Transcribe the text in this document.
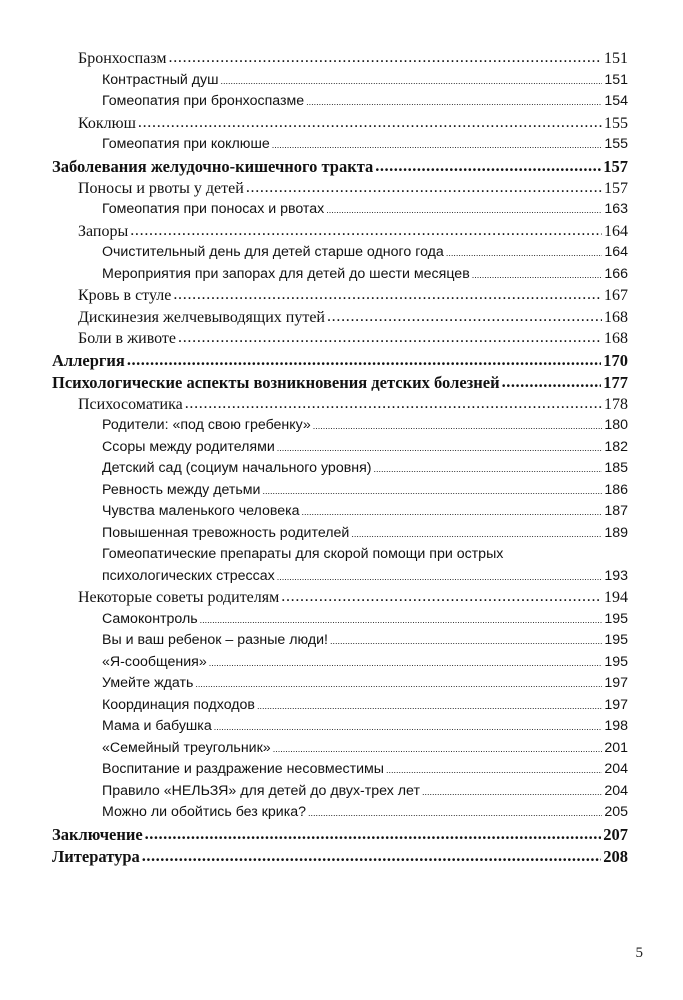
Бронхоспазм .....	151
Контрастный душ .....	151
Гомеопатия при бронхоспазме .....	154
Коклюш .....	155
Гомеопатия при коклюше .....	155
Заболевания желудочно-кишечного тракта .....	157
Поносы и рвоты у детей .....	157
Гомеопатия при поносах и рвотах .....	163
Запоры .....	164
Очистительный день для детей старше одного года .....	164
Мероприятия при запорах для детей до шести месяцев .....	166
Кровь в стуле .....	167
Дискинезия желчевыводящих путей .....	168
Боли в животе .....	168
Аллергия .....	170
Психологические аспекты возникновения детских болезней .....	177
Психосоматика .....	178
Родители: «под свою гребенку» .....	180
Ссоры между родителями .....	182
Детский сад (социум начального уровня) .....	185
Ревность между детьми .....	186
Чувства маленького человека .....	187
Повышенная тревожность родителей .....	189
Гомеопатические препараты для скорой помощи при острых
психологических стрессах .....	193
Некоторые советы родителям .....	194
Самоконтроль .....	195
Вы и ваш ребенок – разные люди! .....	195
«Я-сообщения» .....	195
Умейте ждать .....	197
Координация подходов .....	197
Мама и бабушка .....	198
«Семейный треугольник» .....	201
Воспитание и раздражение несовместимы .....	204
Правило «НЕЛЬЗЯ» для детей до двух-трех лет .....	204
Можно ли обойтись без крика? .....	205
Заключение .....	207
Литература .....	208
5
